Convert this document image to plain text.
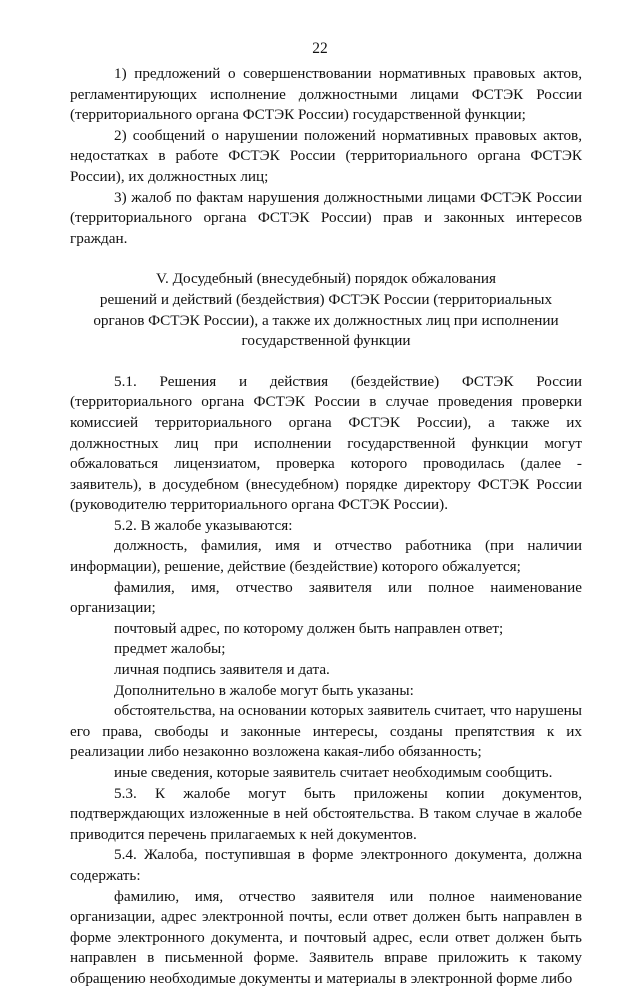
22

1) предложений о совершенствовании нормативных правовых актов, регламентирующих исполнение должностными лицами ФСТЭК России (территориального органа ФСТЭК России) государственной функции;

2) сообщений о нарушении положений нормативных правовых актов, недостатках в работе ФСТЭК России (территориального органа ФСТЭК России), их должностных лиц;

3) жалоб по фактам нарушения должностными лицами ФСТЭК России (территориального органа ФСТЭК России) прав и законных интересов граждан.

V. Досудебный (внесудебный) порядок обжалования
решений и действий (бездействия) ФСТЭК России (территориальных
органов ФСТЭК России), а также их должностных лиц при исполнении
государственной функции

5.1. Решения и действия (бездействие) ФСТЭК России (территориального органа ФСТЭК России в случае проведения проверки комиссией территориального органа ФСТЭК России), а также их должностных лиц при исполнении государственной функции могут обжаловаться лицензиатом, проверка которого проводилась (далее - заявитель), в досудебном (внесудебном) порядке директору ФСТЭК России (руководителю территориального органа ФСТЭК России).

5.2. В жалобе указываются:

должность, фамилия, имя и отчество работника (при наличии информации), решение, действие (бездействие) которого обжалуется;

фамилия, имя, отчество заявителя или полное наименование организации;

почтовый адрес, по которому должен быть направлен ответ;

предмет жалобы;

личная подпись заявителя и дата.

Дополнительно в жалобе могут быть указаны:

обстоятельства, на основании которых заявитель считает, что нарушены его права, свободы и законные интересы, созданы препятствия к их реализации либо незаконно возложена какая-либо обязанность;

иные сведения, которые заявитель считает необходимым сообщить.

5.3. К жалобе могут быть приложены копии документов, подтверждающих изложенные в ней обстоятельства. В таком случае в жалобе приводится перечень прилагаемых к ней документов.

5.4. Жалоба, поступившая в форме электронного документа, должна содержать:

фамилию, имя, отчество заявителя или полное наименование организации, адрес электронной почты, если ответ должен быть направлен в форме электронного документа, и почтовый адрес, если ответ должен быть направлен в письменной форме. Заявитель вправе приложить к такому обращению необходимые документы и материалы в электронной форме либо
